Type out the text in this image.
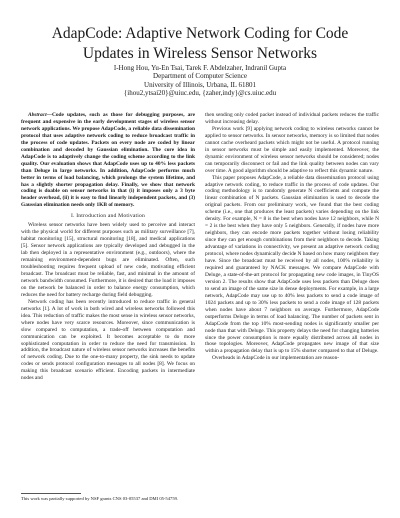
AdapCode: Adaptive Network Coding for Code
Updates in Wireless Sensor Networks
I-Hong Hou, Yu-En Tsai, Tarek F. Abdelzaher, Indranil Gupta
Department of Computer Science
University of Illinois, Urbana, IL 61801
{ihou2,ytsai20}@uiuc.edu, {zaher,indy}@cs.uiuc.edu

Abstract—Code updates, such as those for debugging purposes, are frequent and expensive in the early development stages of wireless sensor network applications. We propose AdapCode, a reliable data dissemination protocol that uses adaptive network coding to reduce broadcast traffic in the process of code updates. Packets on every node are coded by linear combination and decoded by Gaussian elimination. The core idea in AdapCode is to adaptively change the coding scheme according to the link quality. Our evaluation shows that AdapCode uses up to 40% less packets than Deluge in large networks. In addition, AdapCode performs much better in terms of load balancing, which prolongs the system lifetime, and has a slightly shorter propagation delay. Finally, we show that network coding is doable on sensor networks in that (i) it imposes only a 3 byte header overhead, (ii) it is easy to find linearly independent packets, and (3) Gaussian elimination needs only 1KB of memory.

I. Introduction and Motivation

Wireless sensor networks have been widely used to perceive and interact with the physical world for different purposes such as military surveillance [7], habitat monitoring [15], structural monitoring [18], and medical applications [5]. Sensor network applications are typically developed and debugged in the lab then deployed in a representative environment (e.g., outdoors), where the remaining environment-dependent bugs are eliminated. Often, such troubleshooting requires frequent upload of new code, motivating efficient broadcast. The broadcast must be reliable, fast, and minimal in the amount of network bandwidth consumed. Furthermore, it is desired that the load it imposes on the network be balanced in order to balance energy consumption, which reduces the need for battery recharge during field debugging.

Network coding has been recently introduced to reduce traffic in general networks [1]. A lot of work in both wired and wireless networks followed this idea. This reduction of traffic makes the most sense in wireless sensor networks, where nodes have very scarce resources. Moreover, since communication is slow compared to computation, a trade-off between computation and communication can be exploited. It becomes acceptable to do more sophisticated computation in order to reduce the need for transmission. In addition, the broadcast nature of wireless sensor networks increases the benefits of network coding. Due to the one-to-many property, the sink needs to update codes or sends protocol configuration messages to all nodes [8]. We focus on making this broadcast scenario efficient. Encoding packets in intermediate nodes and

then sending only coded packet instead of individual packets reduces the traffic without increasing delay.

Previous work [9] applying network coding to wireless networks cannot be applied to sensor networks. In sensor networks, memory is so limited that nodes cannot cache overheard packets which might not be useful. A protocol running in sensor networks must be simple and easily implemented. Moreover, the dynamic environment of wireless sensor networks should be considered; nodes can temporarily disconnect or fail and the link quality between nodes can vary over time. A good algorithm should be adaptive to reflect this dynamic nature.

This paper proposes AdapCode, a reliable data dissemination protocol using adaptive network coding, to reduce traffic in the process of code updates. Our coding methodology is to randomly generate N coefficients and compute the linear combination of N packets. Gaussian elimination is used to decode the original packets. From our preliminary work, we found that the best coding scheme (i.e., one that produces the least packets) varies depending on the link density. For example, N = 8 is the best when nodes have 12 neighbors, while N = 2 is the best when they have only 5 neighbors. Generally, if nodes have more neighbors, they can encode more packets together without losing reliability since they can get enough combinations from their neighbors to decode. Taking advantage of variations in connectivity, we present an adaptive network coding protocol, where nodes dynamically decide N based on how many neighbors they have. Since the broadcast must be received by all nodes, 100% reliability is required and guaranteed by NACK messages. We compare AdapCode with Deluge, a state-of-the-art protocol for propagating new code images, in TinyOS version 2. The results show that AdapCode uses less packets than Deluge does to send an image of the same size in dense deployments. For example, in a large network, AdapCode may use up to 40% less packets to send a code image of 1024 packets and up to 30% less packets to send a code image of 128 packets when nodes have about 7 neighbors on average. Furthermore, AdapCode outperforms Deluge in terms of load balancing. The number of packets sent in AdapCode from the top 10% most-sending nodes is significantly smaller per node than that with Deluge. This property delays the need for changing batteries since the power consumption is more equally distributed across all nodes in those topologies. Moreover, AdapCode propagates new image of that size within a propagation delay that is up to 15% shorter compared to that of Deluge.

Overheads in AdapCode in our implementation are reason-

This work was partially supported by NSF grants CNS 03-05537 and DMI 05-54759.
